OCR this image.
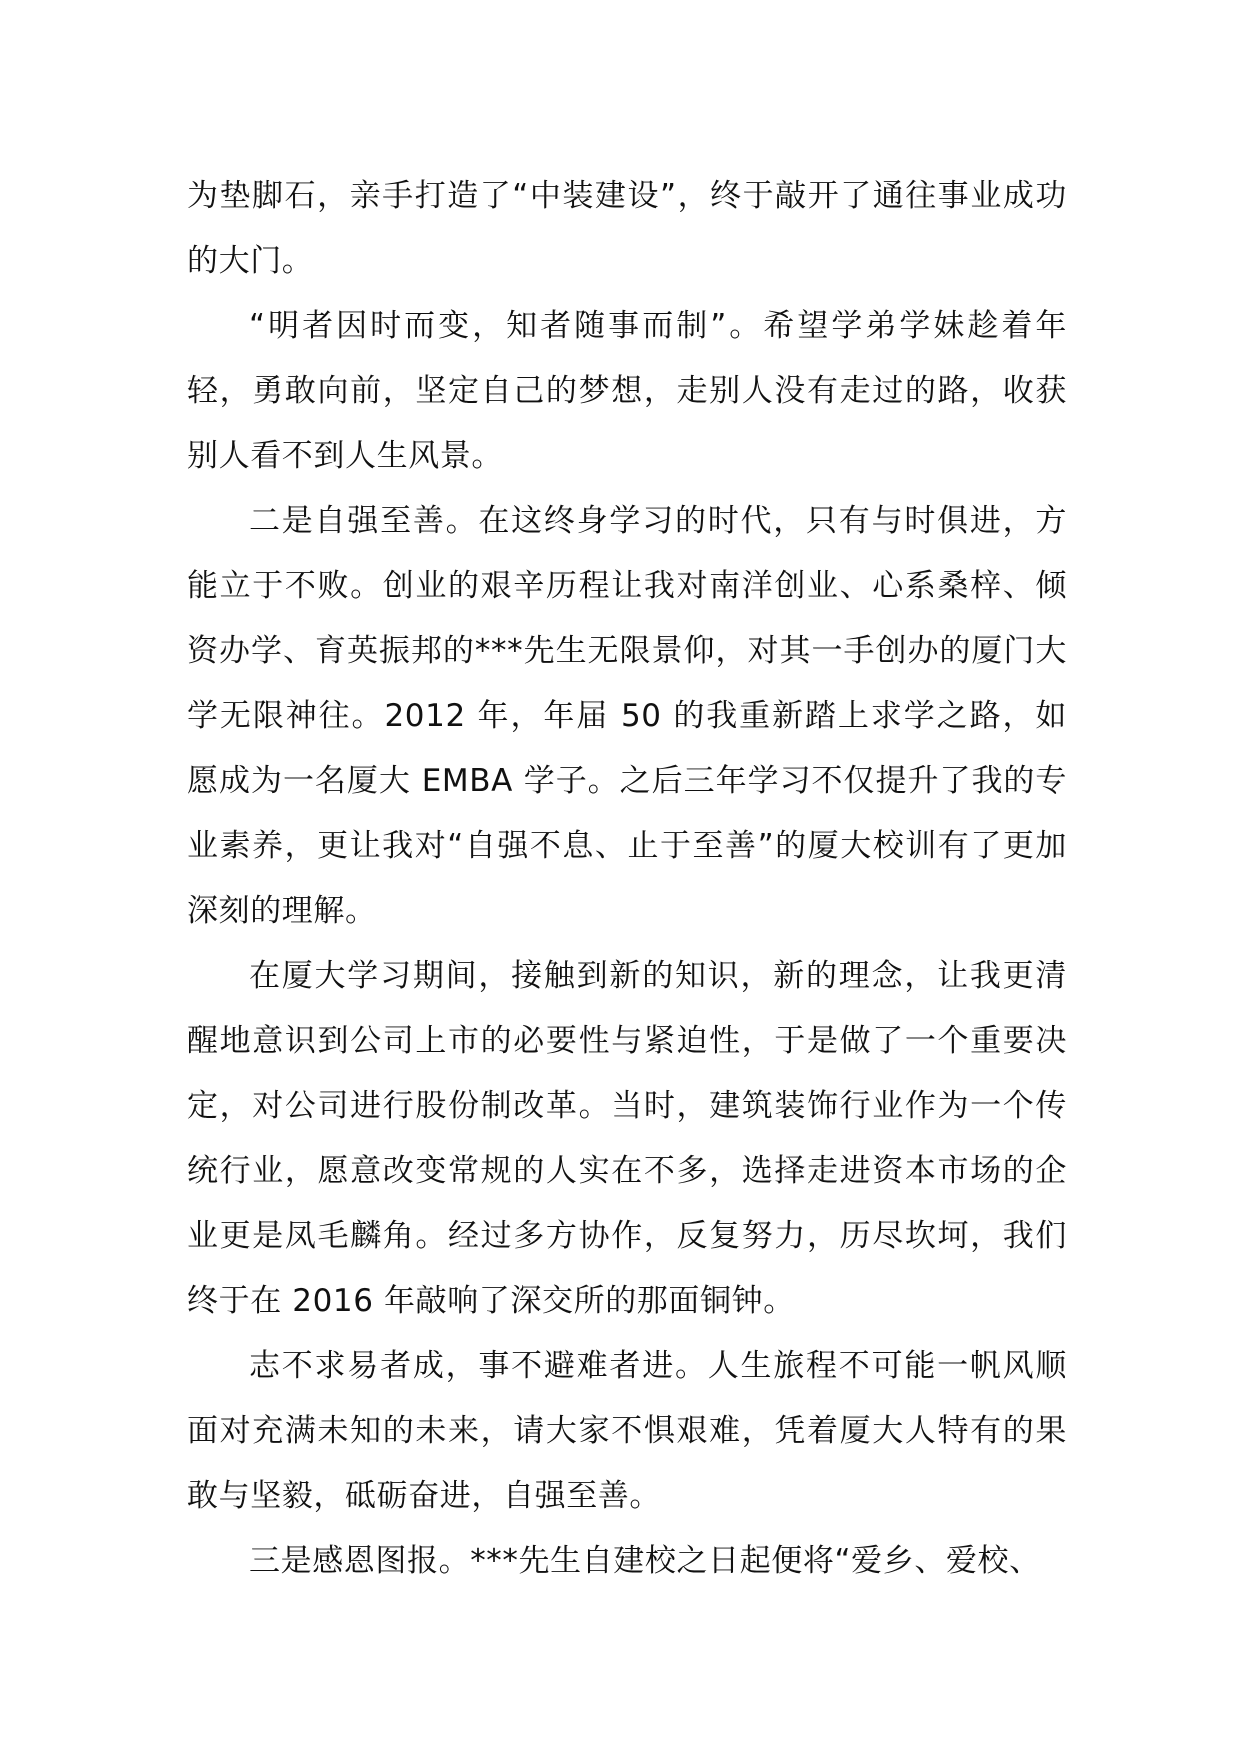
为垫脚石，亲手打造了“中装建设”，终于敲开了通往事业成功的大门。

“明者因时而变，知者随事而制”。希望学弟学妹趁着年轻，勇敢向前，坚定自己的梦想，走别人没有走过的路，收获别人看不到人生风景。

二是自强至善。在这终身学习的时代，只有与时俱进，方能立于不败。创业的艰辛历程让我对南洋创业、心系桑梓、倾资办学、育英振邦的***先生无限景仰，对其一手创办的厦门大学无限神往。2012 年，年届 50 的我重新踏上求学之路，如愿成为一名厦大 EMBA 学子。之后三年学习不仅提升了我的专业素养，更让我对“自强不息、止于至善”的厦大校训有了更加深刻的理解。

在厦大学习期间，接触到新的知识，新的理念，让我更清醒地意识到公司上市的必要性与紧迫性，于是做了一个重要决定，对公司进行股份制改革。当时，建筑装饰行业作为一个传统行业，愿意改变常规的人实在不多，选择走进资本市场的企业更是凤毛麟角。经过多方协作，反复努力，历尽坎坷，我们终于在 2016 年敲响了深交所的那面铜钟。

志不求易者成，事不避难者进。人生旅程不可能一帆风顺面对充满未知的未来，请大家不惧艰难，凭着厦大人特有的果敢与坚毅，砥砺奋进，自强至善。

三是感恩图报。***先生自建校之日起便将“爱乡、爱校、
